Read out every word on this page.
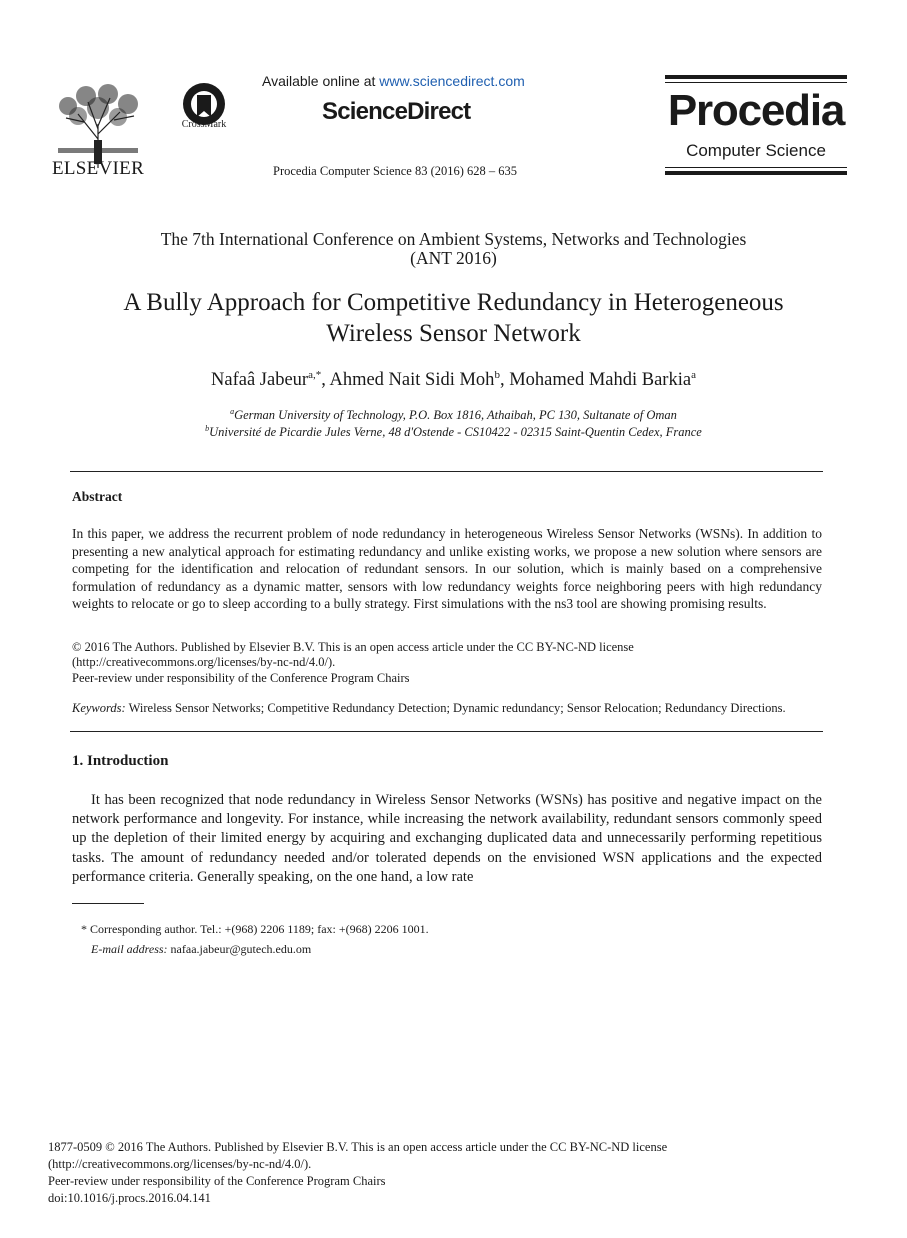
ELSEVIER
CrossMark
Available online at www.sciencedirect.com
ScienceDirect
Procedia Computer Science 83 (2016) 628 – 635
Procedia
Computer Science
The 7th International Conference on Ambient Systems, Networks and Technologies
(ANT 2016)
A Bully Approach for Competitive Redundancy in Heterogeneous
Wireless Sensor Network
Nafaâ Jabeur$^{a,*}$, Ahmed Nait Sidi Moh$^b$, Mohamed Mahdi Barkia$^a$
$^a$German University of Technology, P.O. Box 1816, Athaibah, PC 130, Sultanate of Oman
$^b$Université de Picardie Jules Verne, 48 d'Ostende - CS10422 - 02315 Saint-Quentin Cedex, France
Abstract
In this paper, we address the recurrent problem of node redundancy in heterogeneous Wireless Sensor Networks (WSNs). In addition to presenting a new analytical approach for estimating redundancy and unlike existing works, we propose a new solution where sensors are competing for the identification and relocation of redundant sensors. In our solution, which is mainly based on a comprehensive formulation of redundancy as a dynamic matter, sensors with low redundancy weights force neighboring peers with high redundancy weights to relocate or go to sleep according to a bully strategy. First simulations with the ns3 tool are showing promising results.
© 2016 The Authors. Published by Elsevier B.V. This is an open access article under the CC BY-NC-ND license
(http://creativecommons.org/licenses/by-nc-nd/4.0/).
Peer-review under responsibility of the Conference Program Chairs
Keywords: Wireless Sensor Networks; Competitive Redundancy Detection; Dynamic redundancy; Sensor Relocation; Redundancy Directions.
1. Introduction
It has been recognized that node redundancy in Wireless Sensor Networks (WSNs) has positive and negative impact on the network performance and longevity. For instance, while increasing the network availability, redundant sensors commonly speed up the depletion of their limited energy by acquiring and exchanging duplicated data and unnecessarily performing repetitious tasks. The amount of redundancy needed and/or tolerated depends on the envisioned WSN applications and the expected performance criteria. Generally speaking, on the one hand, a low rate
* Corresponding author. Tel.: +(968) 2206 1189; fax: +(968) 2206 1001.
E-mail address: nafaa.jabeur@gutech.edu.om
1877-0509 © 2016 The Authors. Published by Elsevier B.V. This is an open access article under the CC BY-NC-ND license
(http://creativecommons.org/licenses/by-nc-nd/4.0/).
Peer-review under responsibility of the Conference Program Chairs
doi:10.1016/j.procs.2016.04.141
